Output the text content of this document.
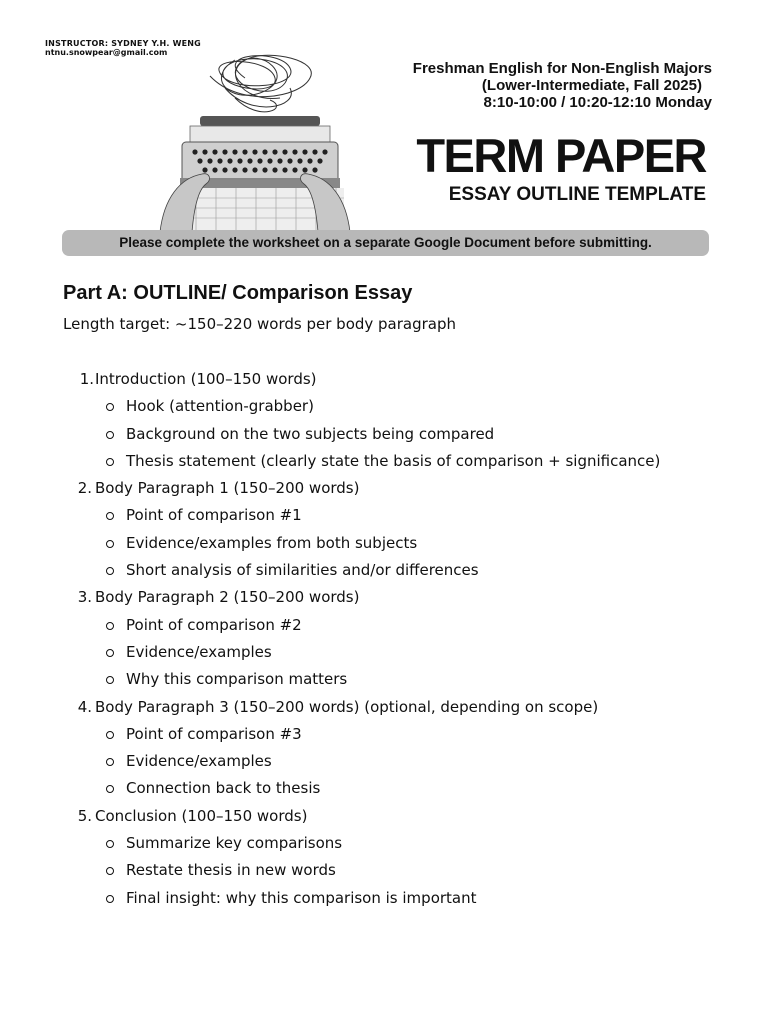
INSTRUCTOR: SYDNEY Y.H. WENG
ntnu.snowpear@gmail.com
Freshman English for Non-English Majors
(Lower-Intermediate, Fall 2025)
8:10-10:00 / 10:20-12:10 Monday
TERM PAPER
ESSAY OUTLINE TEMPLATE
Please complete the worksheet on a separate Google Document before submitting.
Part A: OUTLINE/ Comparison Essay
Length target: ~150–220 words per body paragraph
1. Introduction (100–150 words)
Hook (attention-grabber)
Background on the two subjects being compared
Thesis statement (clearly state the basis of comparison + significance)
2. Body Paragraph 1 (150–200 words)
Point of comparison #1
Evidence/examples from both subjects
Short analysis of similarities and/or differences
3. Body Paragraph 2 (150–200 words)
Point of comparison #2
Evidence/examples
Why this comparison matters
4. Body Paragraph 3 (150–200 words) (optional, depending on scope)
Point of comparison #3
Evidence/examples
Connection back to thesis
5. Conclusion (100–150 words)
Summarize key comparisons
Restate thesis in new words
Final insight: why this comparison is important
